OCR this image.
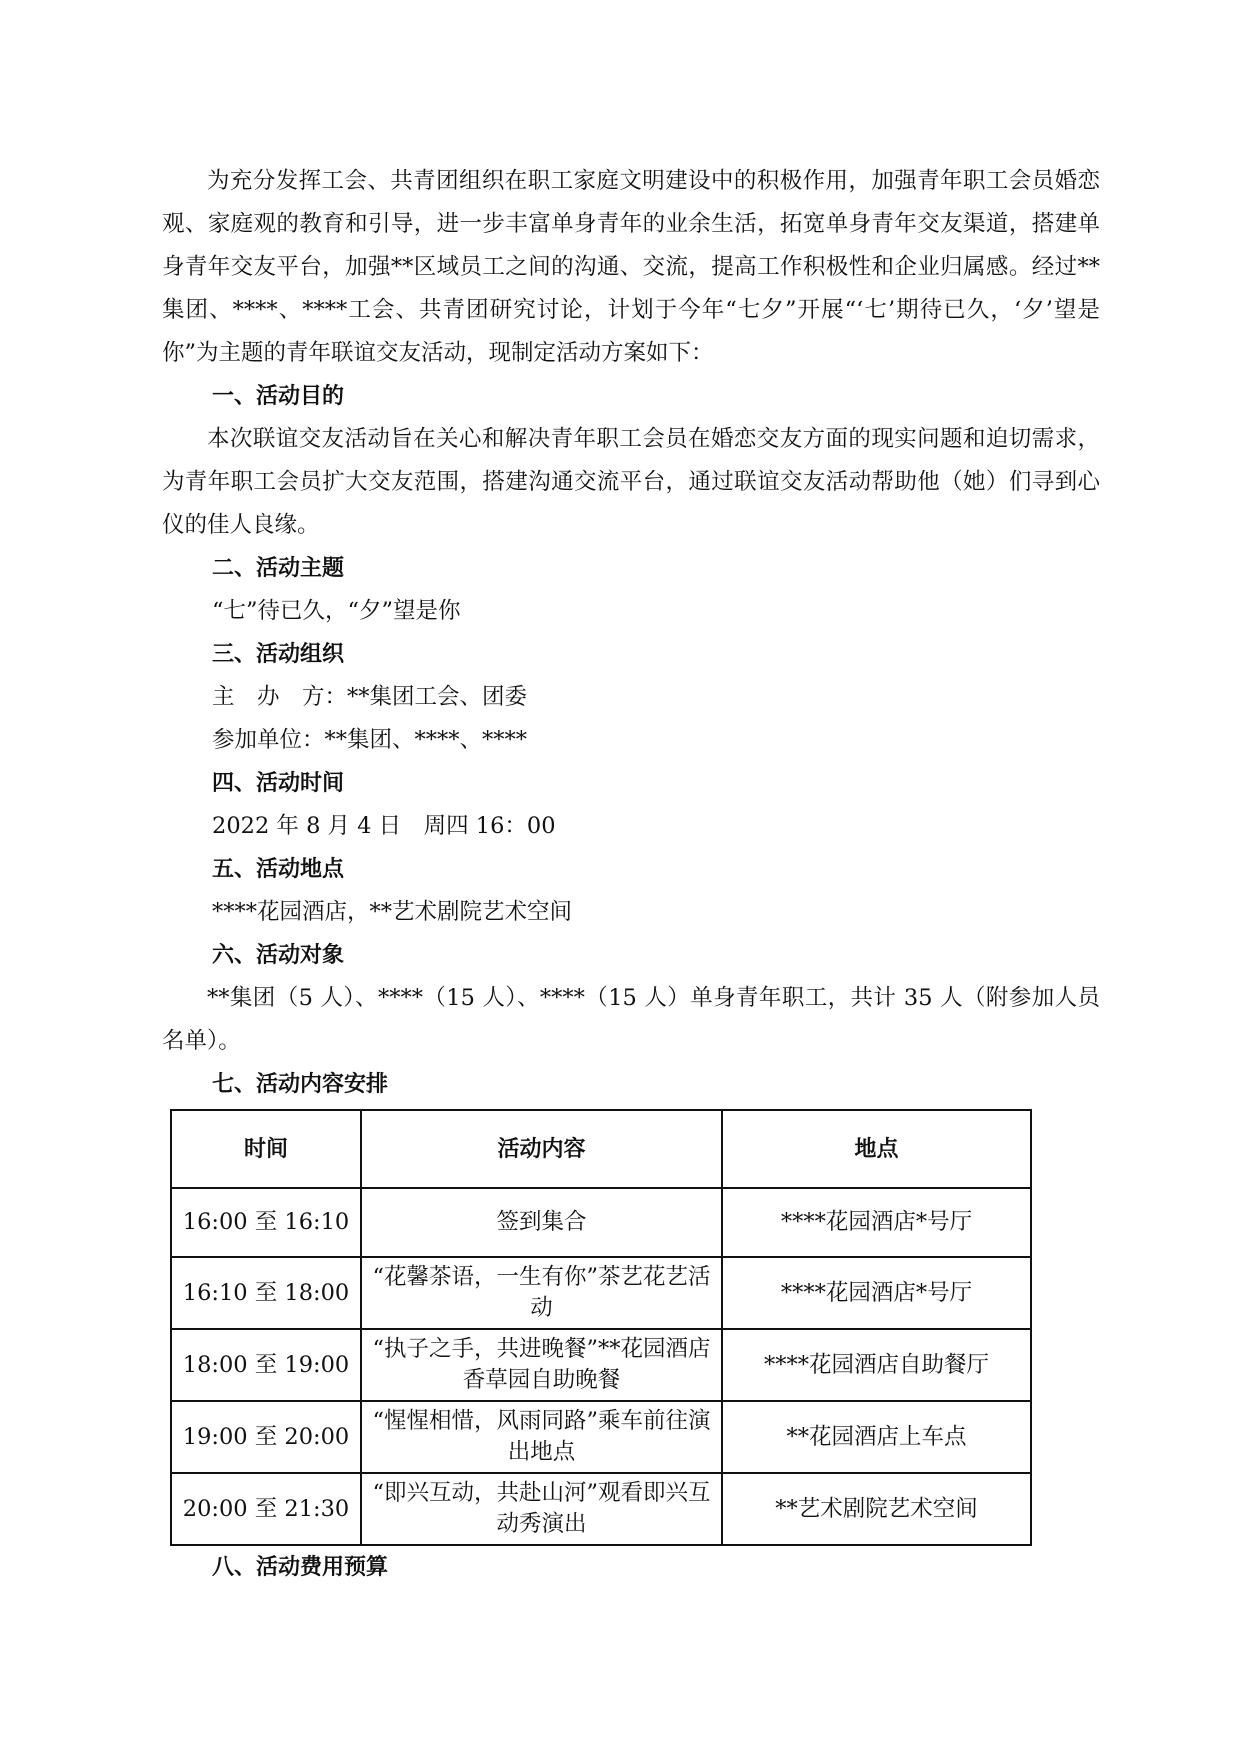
为充分发挥工会、共青团组织在职工家庭文明建设中的积极作用，加强青年职工会员婚恋观、家庭观的教育和引导，进一步丰富单身青年的业余生活，拓宽单身青年交友渠道，搭建单身青年交友平台，加强**区域员工之间的沟通、交流，提高工作积极性和企业归属感。经过**集团、****、****工会、共青团研究讨论，计划于今年“七夕”开展“‘七’期待已久，‘夕’望是你”为主题的青年联谊交友活动，现制定活动方案如下：

一、活动目的

本次联谊交友活动旨在关心和解决青年职工会员在婚恋交友方面的现实问题和迫切需求，为青年职工会员扩大交友范围，搭建沟通交流平台，通过联谊交友活动帮助他（她）们寻到心仪的佳人良缘。

二、活动主题

“七”待已久，“夕”望是你

三、活动组织

主　办　方：**集团工会、团委

参加单位：**集团、****、****

四、活动时间

2022 年 8 月 4 日　周四 16：00

五、活动地点

****花园酒店，**艺术剧院艺术空间

六、活动对象

**集团（5 人）、****（15 人）、****（15 人）单身青年职工，共计 35 人（附参加人员名单）。

七、活动内容安排

时间	活动内容	地点
16:00 至 16:10	签到集合	****花园酒店*号厅
16:10 至 18:00	“花馨茶语，一生有你”茶艺花艺活动	****花园酒店*号厅
18:00 至 19:00	“执子之手，共进晚餐”**花园酒店香草园自助晚餐	****花园酒店自助餐厅
19:00 至 20:00	“惺惺相惜，风雨同路”乘车前往演出地点	**花园酒店上车点
20:00 至 21:30	“即兴互动，共赴山河”观看即兴互动秀演出	**艺术剧院艺术空间

八、活动费用预算
